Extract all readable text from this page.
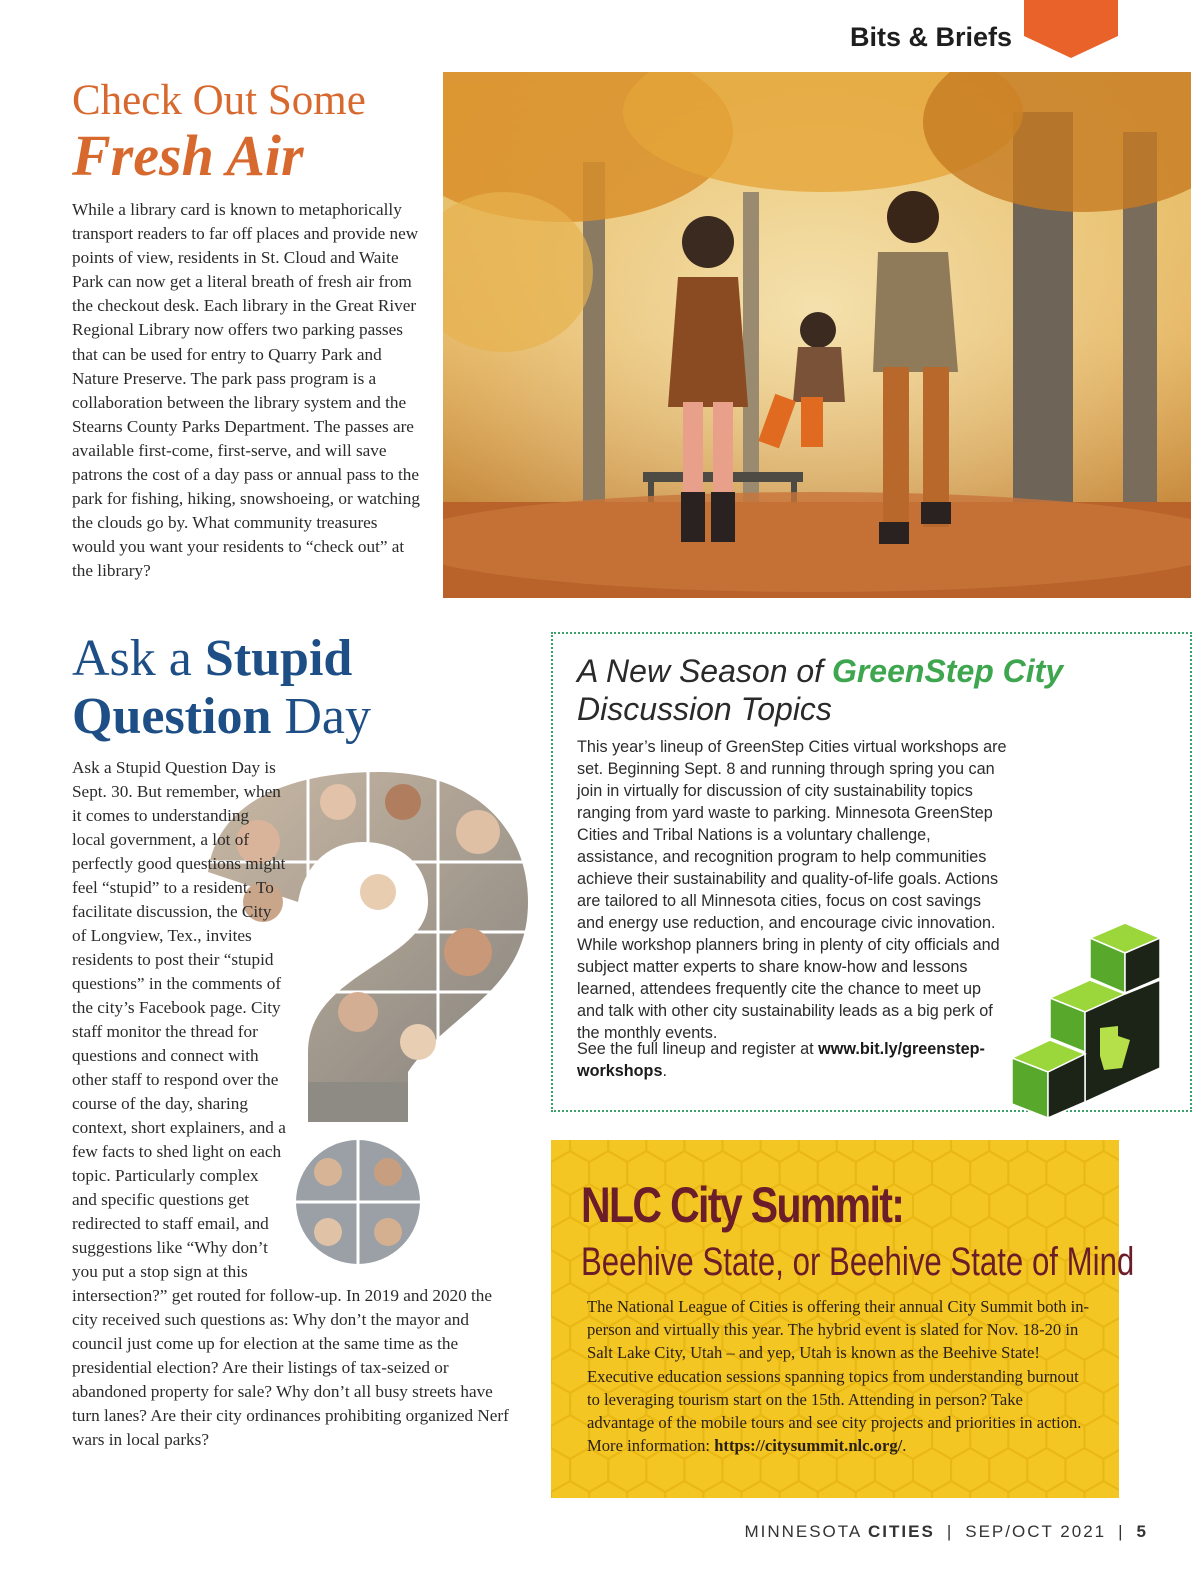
Bits & Briefs
Check Out Some
Fresh Air
While a library card is known to metaphorically transport readers to far off places and provide new points of view, residents in St. Cloud and Waite Park can now get a literal breath of fresh air from the checkout desk. Each library in the Great River Regional Library now offers two parking passes that can be used for entry to Quarry Park and Nature Preserve. The park pass program is a collaboration between the library system and the Stearns County Parks Department. The passes are available first-come, first-serve, and will save patrons the cost of a day pass or annual pass to the park for fishing, hiking, snowshoeing, or watching the clouds go by. What community treasures would you want your residents to “check out” at the library?
Ask a Stupid
Question Day
Ask a Stupid Question Day is Sept. 30. But remember, when it comes to understanding local government, a lot of perfectly good questions might feel “stupid” to a resident. To facilitate discussion, the City of Longview, Tex., invites residents to post their “stupid questions” in the comments of the city’s Facebook page. City staff monitor the thread for questions and connect with other staff to respond over the course of the day, sharing context, short explainers, and a few facts to shed light on each topic. Particularly complex and specific questions get redirected to staff email, and suggestions like “Why don’t you put a stop sign at this intersection?” get routed for follow-up. In 2019 and 2020 the city received such questions as: Why don’t the mayor and council just come up for election at the same time as the presidential election? Are their listings of tax-seized or abandoned property for sale? Why don’t all busy streets have turn lanes? Are their city ordinances prohibiting organized Nerf wars in local parks?
A New Season of GreenStep City
Discussion Topics
This year’s lineup of GreenStep Cities virtual workshops are set. Beginning Sept. 8 and running through spring you can join in virtually for discussion of city sustainability topics ranging from yard waste to parking. Minnesota GreenStep Cities and Tribal Nations is a voluntary challenge, assistance, and recognition program to help communities achieve their sustainability and quality-of-life goals. Actions are tailored to all Minnesota cities, focus on cost savings and energy use reduction, and encourage civic innovation. While workshop planners bring in plenty of city officials and subject matter experts to share know-how and lessons learned, attendees frequently cite the chance to meet up and talk with other city sustainability leads as a big perk of the monthly events.
See the full lineup and register at www.bit.ly/greenstep-workshops.
NLC City Summit:
Beehive State, or Beehive State of Mind
The National League of Cities is offering their annual City Summit both in-person and virtually this year. The hybrid event is slated for Nov. 18-20 in Salt Lake City, Utah – and yep, Utah is known as the Beehive State! Executive education sessions spanning topics from understanding burnout to leveraging tourism start on the 15th. Attending in person? Take advantage of the mobile tours and see city projects and priorities in action. More information: https://citysummit.nlc.org/.
MINNESOTA CITIES | SEP/OCT 2021 | 5
